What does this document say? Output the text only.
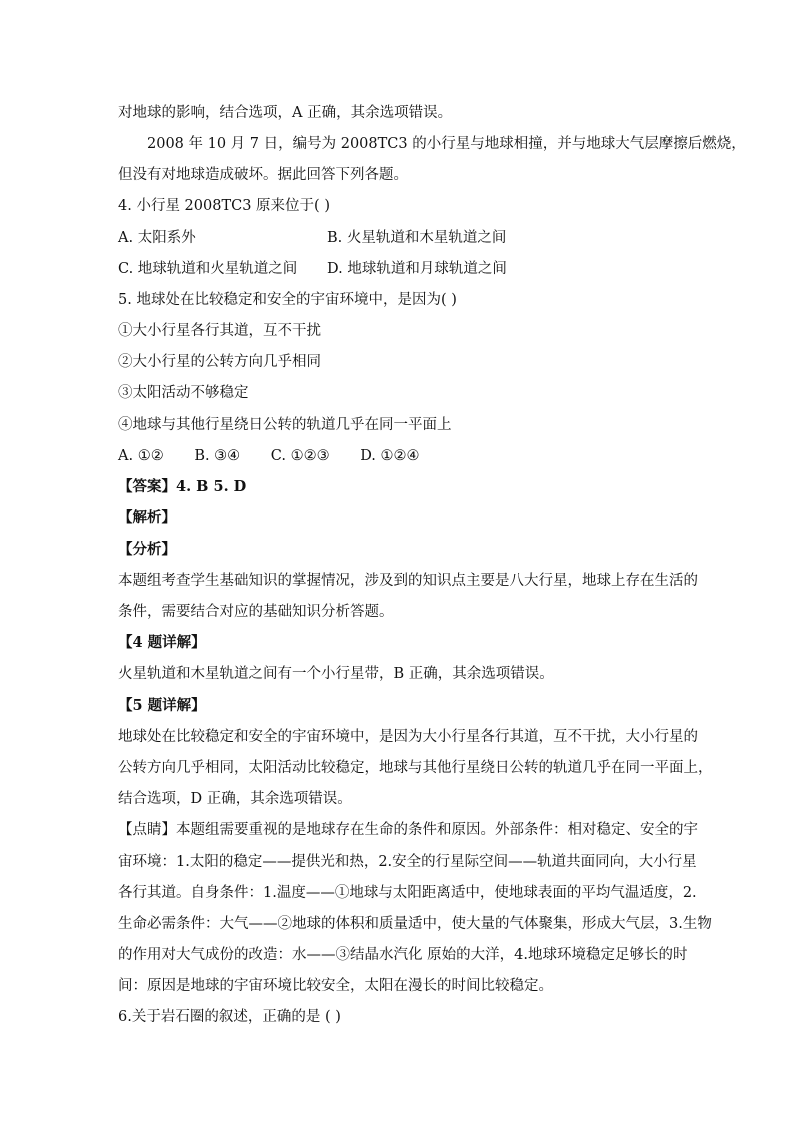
对地球的影响，结合选项，A 正确，其余选项错误。
2008 年 10 月 7 日，编号为 2008TC3 的小行星与地球相撞，并与地球大气层摩擦后燃烧，
但没有对地球造成破坏。据此回答下列各题。
4. 小行星 2008TC3 原来位于( )
A. 太阳系外	B. 火星轨道和木星轨道之间
C. 地球轨道和火星轨道之间 D. 地球轨道和月球轨道之间
5. 地球处在比较稳定和安全的宇宙环境中，是因为( )
①大小行星各行其道，互不干扰
②大小行星的公转方向几乎相同
③太阳活动不够稳定
④地球与其他行星绕日公转的轨道几乎在同一平面上
A. ①② B. ③④ C. ①②③ D. ①②④
【答案】4. B 5. D
【解析】
【分析】
本题组考查学生基础知识的掌握情况，涉及到的知识点主要是八大行星，地球上存在生活的
条件，需要结合对应的基础知识分析答题。
【4 题详解】
火星轨道和木星轨道之间有一个小行星带，B 正确，其余选项错误。
【5 题详解】
地球处在比较稳定和安全的宇宙环境中，是因为大小行星各行其道，互不干扰，大小行星的
公转方向几乎相同，太阳活动比较稳定，地球与其他行星绕日公转的轨道几乎在同一平面上，
结合选项，D 正确，其余选项错误。
【点睛】本题组需要重视的是地球存在生命的条件和原因。外部条件：相对稳定、安全的宇
宙环境：1.太阳的稳定——提供光和热，2.安全的行星际空间——轨道共面同向，大小行星
各行其道。自身条件：1.温度——①地球与太阳距离适中，使地球表面的平均气温适度，2.
生命必需条件：大气——②地球的体积和质量适中，使大量的气体聚集，形成大气层，3.生物
的作用对大气成份的改造：水——③结晶水汽化 原始的大洋，4.地球环境稳定足够长的时
间：原因是地球的宇宙环境比较安全，太阳在漫长的时间比较稳定。
6.关于岩石圈的叙述，正确的是 ( )
